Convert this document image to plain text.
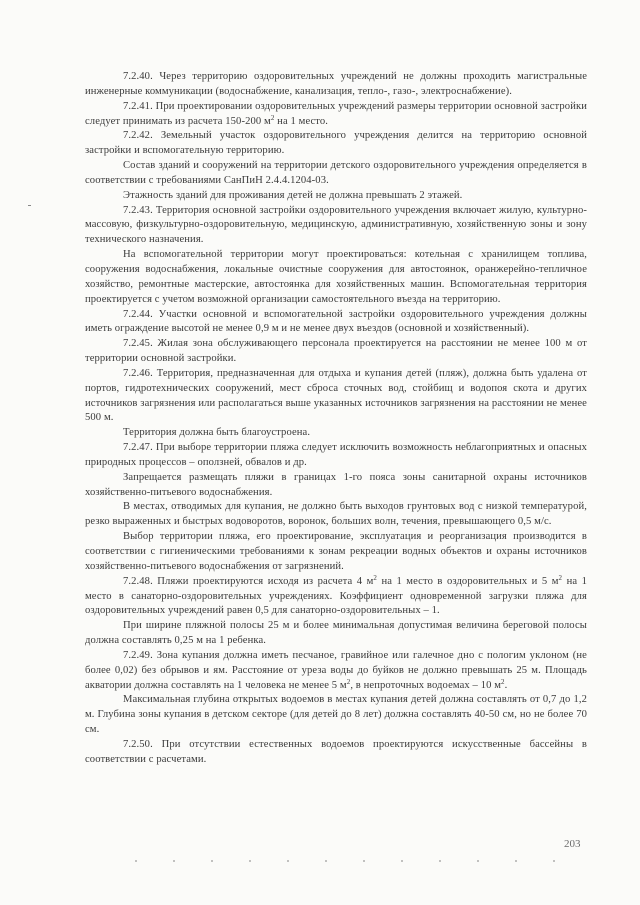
7.2.40. Через территорию оздоровительных учреждений не должны проходить магистральные инженерные коммуникации (водоснабжение, канализация, тепло-, газо-, электроснабжение).

7.2.41. При проектировании оздоровительных учреждений размеры территории основной застройки следует принимать из расчета 150-200 $м^2$ на 1 место.

7.2.42. Земельный участок оздоровительного учреждения делится на территорию основной застройки и вспомогательную территорию.

Состав зданий и сооружений на территории детского оздоровительного учреждения определяется в соответствии с требованиями СанПиН 2.4.4.1204-03.

Этажность зданий для проживания детей не должна превышать 2 этажей.

7.2.43. Территория основной застройки оздоровительного учреждения включает жилую, культурно-массовую, физкультурно-оздоровительную, медицинскую, административную, хозяйственную зоны и зону технического назначения.

На вспомогательной территории могут проектироваться: котельная с хранилищем топлива, сооружения водоснабжения, локальные очистные сооружения для автостоянок, оранжерейно-тепличное хозяйство, ремонтные мастерские, автостоянка для хозяйственных машин. Вспомогательная территория проектируется с учетом возможной организации самостоятельного въезда на территорию.

7.2.44. Участки основной и вспомогательной застройки оздоровительного учреждения должны иметь ограждение высотой не менее 0,9 м и не менее двух въездов (основной и хозяйственный).

7.2.45. Жилая зона обслуживающего персонала проектируется на расстоянии не менее 100 м от территории основной застройки.

7.2.46. Территория, предназначенная для отдыха и купания детей (пляж), должна быть удалена от портов, гидротехнических сооружений, мест сброса сточных вод, стойбищ и водопоя скота и других источников загрязнения или располагаться выше указанных источников загрязнения на расстоянии не менее 500 м.

Территория должна быть благоустроена.

7.2.47. При выборе территории пляжа следует исключить возможность неблагоприятных и опасных природных процессов – оползней, обвалов и др.

Запрещается размещать пляжи в границах 1-го пояса зоны санитарной охраны источников хозяйственно-питьевого водоснабжения.

В местах, отводимых для купания, не должно быть выходов грунтовых вод с низкой температурой, резко выраженных и быстрых водоворотов, воронок, больших волн, течения, превышающего 0,5 м/с.

Выбор территории пляжа, его проектирование, эксплуатация и реорганизация производится в соответствии с гигиеническими требованиями к зонам рекреации водных объектов и охраны источников хозяйственно-питьевого водоснабжения от загрязнений.

7.2.48. Пляжи проектируются исходя из расчета 4 $м^2$ на 1 место в оздоровительных и 5 $м^2$ на 1 место в санаторно-оздоровительных учреждениях. Коэффициент одновременной загрузки пляжа для оздоровительных учреждений равен 0,5 для санаторно-оздоровительных – 1.

При ширине пляжной полосы 25 м и более минимальная допустимая величина береговой полосы должна составлять 0,25 м на 1 ребенка.

7.2.49. Зона купания должна иметь песчаное, гравийное или галечное дно с пологим уклоном (не более 0,02) без обрывов и ям. Расстояние от уреза воды до буйков не должно превышать 25 м. Площадь акватории должна составлять на 1 человека не менее 5 $м^2$, в непроточных водоемах – 10 $м^2$.

Максимальная глубина открытых водоемов в местах купания детей должна составлять от 0,7 до 1,2 м. Глубина зоны купания в детском секторе (для детей до 8 лет) должна составлять 40-50 см, но не более 70 см.

7.2.50. При отсутствии естественных водоемов проектируются искусственные бассейны в соответствии с расчетами.

203
